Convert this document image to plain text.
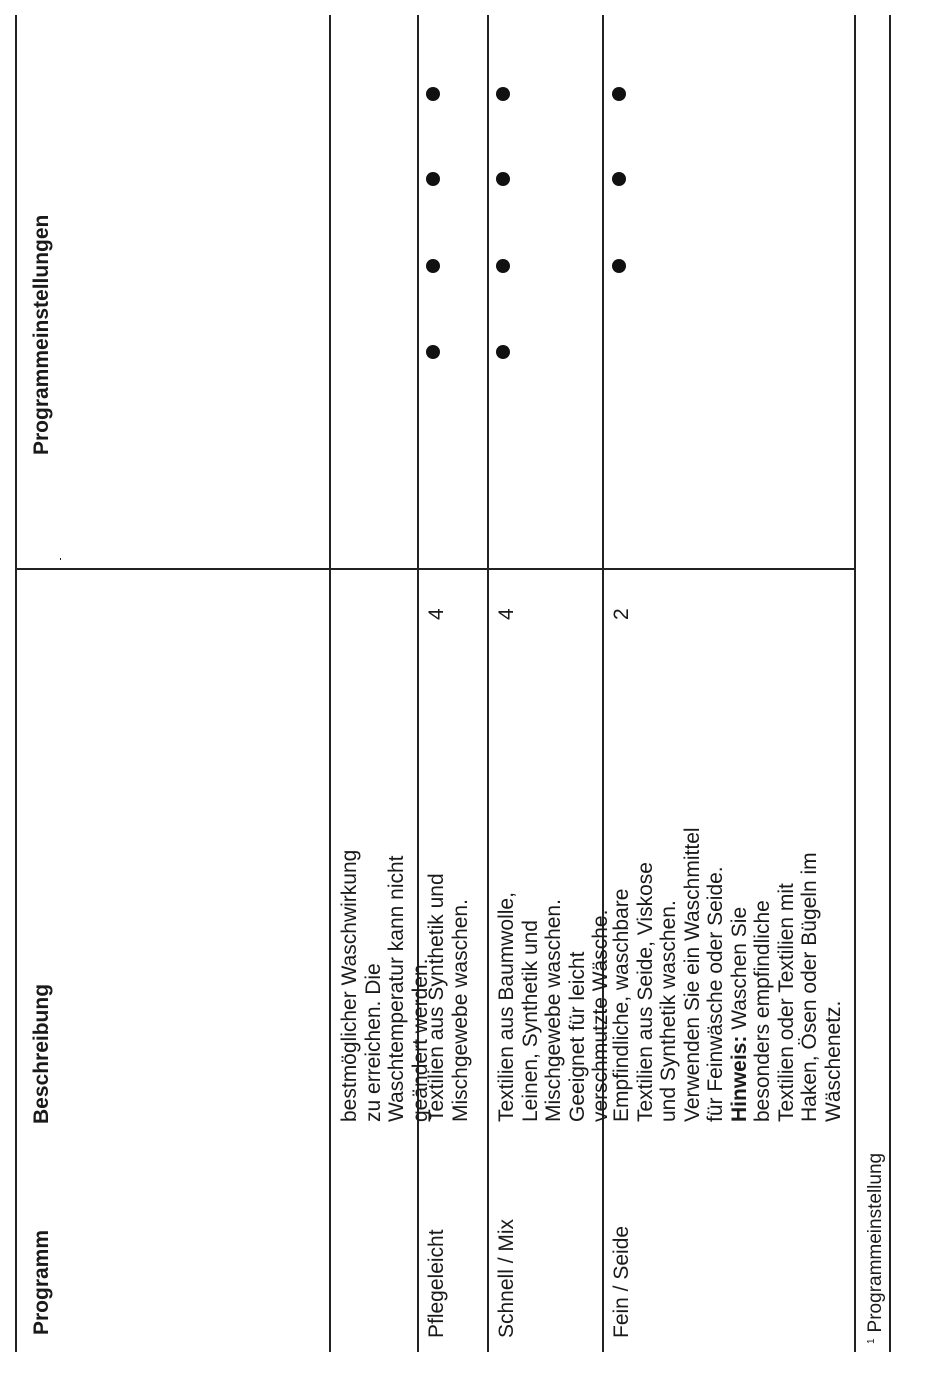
Programm
Beschreibung
Programmeinstellungen
bestmöglicher Waschwirkung zu erreichen. Die Waschtemperatur kann nicht geändert werden.
Pflegeleicht
Textilien aus Synthetik und Mischgewebe waschen.
4
Schnell / Mix
Textilien aus Baumwolle, Leinen, Synthetik und Mischgewebe waschen. Geeignet für leicht verschmutzte Wäsche.
4
Fein / Seide

Empfindliche, waschbare Textilien aus Seide, Viskose und Synthetik waschen. Verwenden Sie ein Waschmittel für Feinwäsche oder Seide. Hinweis: Waschen Sie besonders empfindliche Textilien oder Textilien mit Haken, Ösen oder Bügeln im Wäschenetz.

2
$^1$Programmeinstellung
